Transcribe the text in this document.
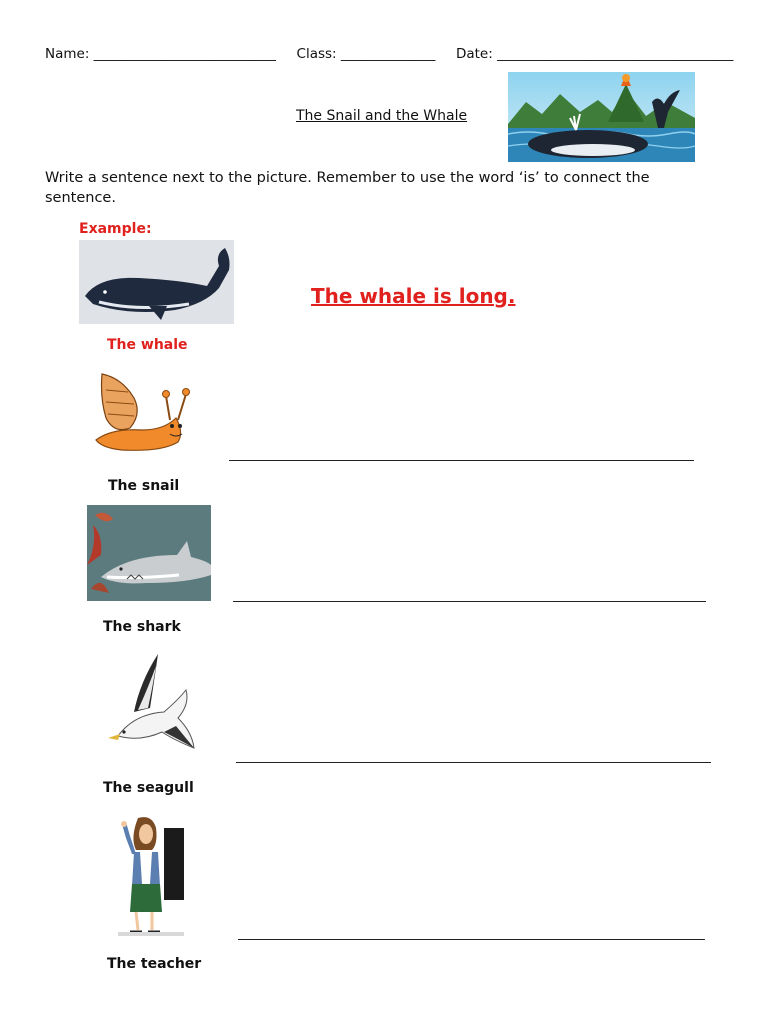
Name: ___________________________ Class: ______________ Date: ___________________________________
The Snail and the Whale
Write a sentence next to the picture. Remember to use the word ‘is’ to connect the sentence.
Example:
The whale is long.
The whale
The snail
The shark
The seagull
The teacher
